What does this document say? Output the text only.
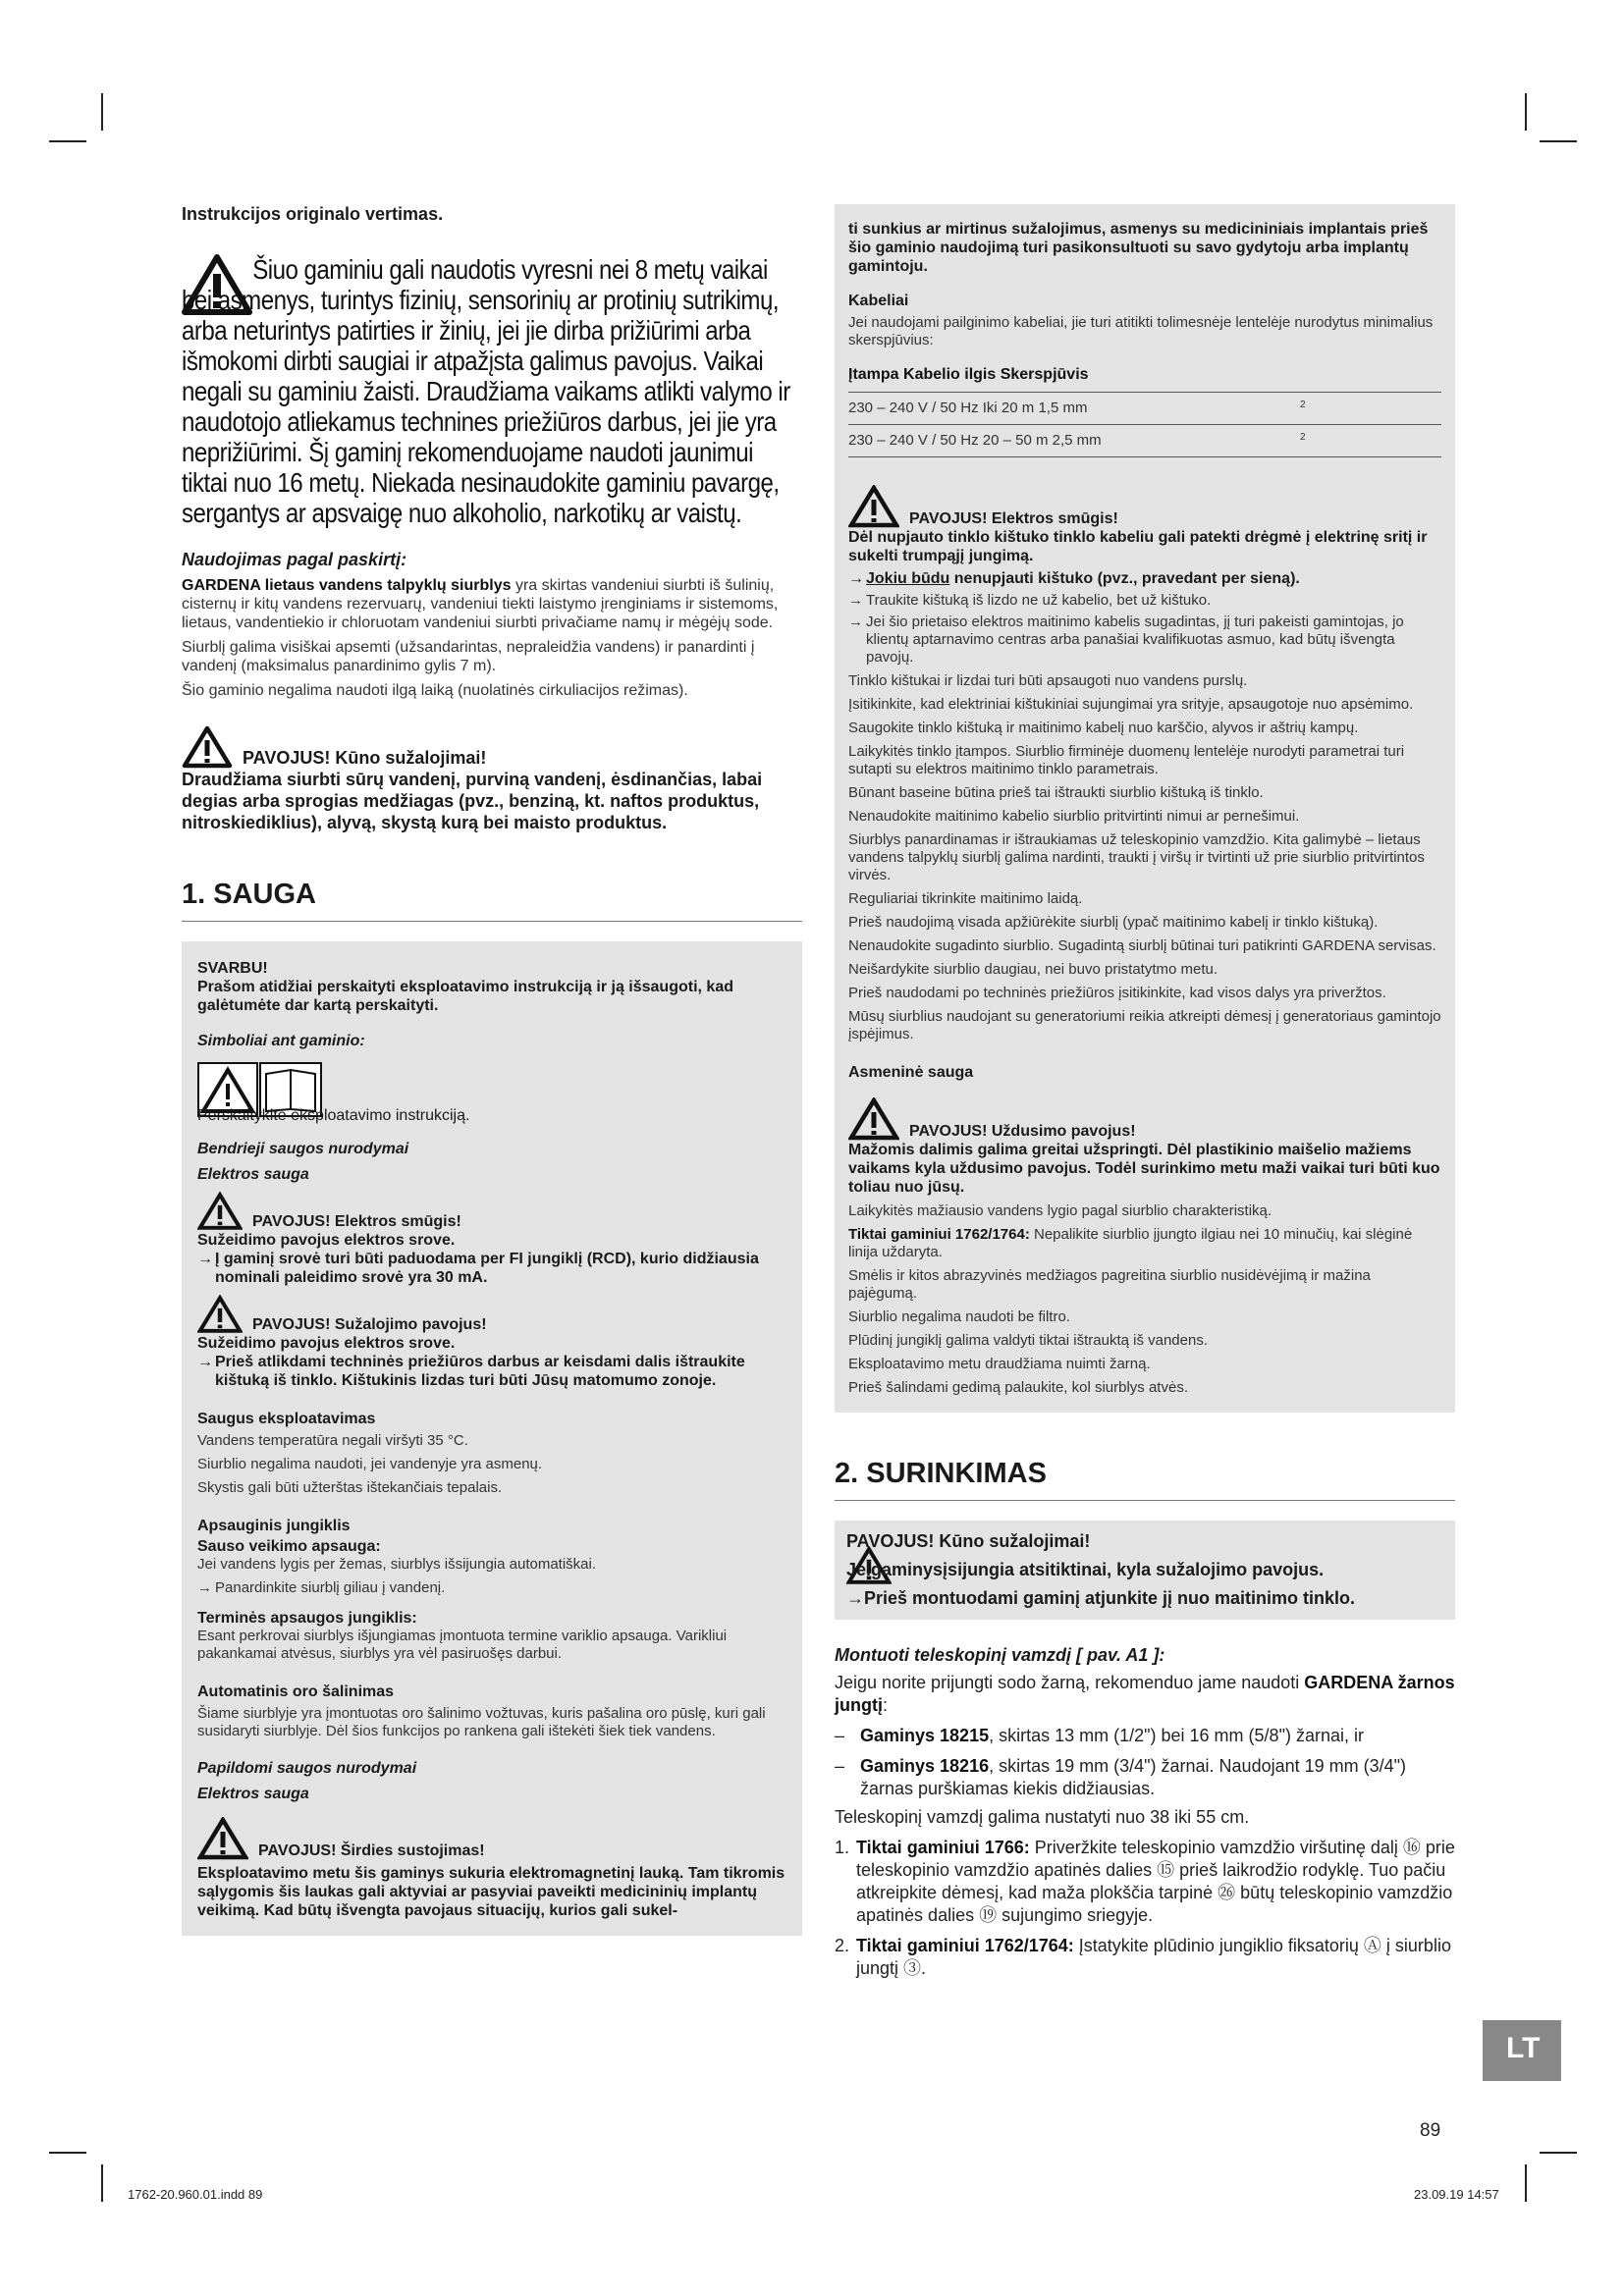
Instrukcijos originalo vertimas.

Šiuo gaminiu gali naudotis vyresni nei 8 metų vaikai bei asmenys, turintys fizinių, sensorinių ar protinių sutrikimų, arba neturintys patirties ir žinių, jei jie dirba prižiūrimi arba išmokomi dirbti saugiai ir atpažįsta galimus pavojus. Vaikai negali su gaminiu žaisti. Draudžiama vaikams atlikti valymo ir naudotojo atliekamus technines priežiūros darbus, jei jie yra neprižiūrimi. Šį gaminį rekomenduojame naudoti jaunimui tiktai nuo 16 metų. Niekada nesinaudokite gaminiu pavargę, sergantys ar apsvaigę nuo alkoholio, narkotikų ar vaistų.

Naudojimas pagal paskirtį:

GARDENA lietaus vandens talpyklų siurblys yra skirtas vandeniui siurbti iš šulinių, cisternų ir kitų vandens rezervuarų, vandeniui tiekti laistymo įrenginiams ir sistemoms, lietaus, vandentiekio ir chloruotam vandeniui siurbti privačiame namų ir mėgėjų sode.

Siurblį galima visiškai apsemti (užsandarintas, nepraleidžia vandens) ir panardinti į vandenį (maksimalus panardinimo gylis 7 m).

Šio gaminio negalima naudoti ilgą laiką (nuolatinės cirkuliacijos režimas).

PAVOJUS! Kūno sužalojimai!

Draudžiama siurbti sūrų vandenį, purviną vandenį, ėsdinančias, labai degias arba sprogias medžiagas (pvz., benziną, kt. naftos produktus, nitroskiediklius), alyvą, skystą kurą bei maisto produktus.

1. SAUGA

SVARBU!

Prašom atidžiai perskaityti eksploatavimo instrukciją ir ją išsaugoti, kad galėtumėte dar kartą perskaityti.

Simboliai ant gaminio:

Perskaitykite eksploatavimo instrukciją.

Bendrieji saugos nurodymai

Elektros sauga

PAVOJUS! Elektros smūgis!

Sužeidimo pavojus elektros srove.

→ Į gaminį srovė turi būti paduodama per FI jungiklį (RCD), kurio didžiausia nominali paleidimo srovė yra 30 mA.
PAVOJUS! Sužalojimo pavojus!

Sužeidimo pavojus elektros srove.

→ Prieš atlikdami techninės priežiūros darbus ar keisdami dalis ištraukite kištuką iš tinklo. Kištukinis lizdas turi būti Jūsų matomumo zonoje.

Saugus eksploatavimas

Vandens temperatūra negali viršyti 35 °C.

Siurblio negalima naudoti, jei vandenyje yra asmenų.

Skystis gali būti užterštas ištekančiais tepalais.

Apsauginis jungiklis

Sauso veikimo apsauga:

Jei vandens lygis per žemas, siurblys išsijungia automatiškai.

→ Panardinkite siurblį giliau į vandenį.

Terminės apsaugos jungiklis:

Esant perkrovai siurblys išjungiamas įmontuota termine variklio apsauga. Varikliui pakankamai atvėsus, siurblys yra vėl pasiruošęs darbui.

Automatinis oro šalinimas

Šiame siurblyje yra įmontuotas oro šalinimo vožtuvas, kuris pašalina oro pūslę, kuri gali susidaryti siurblyje. Dėl šios funkcijos po rankena gali ištekėti šiek tiek vandens.

Papildomi saugos nurodymai

Elektros sauga

PAVOJUS! Širdies sustojimas!

Eksploatavimo metu šis gaminys sukuria elektromagnetinį lauką. Tam tikromis sąlygomis šis laukas gali aktyviai ar pasyviai paveikti medicininių implantų veikimą. Kad būtų išvengta pavojaus situacijų, kurios gali sukel-

ti sunkius ar mirtinus sužalojimus, asmenys su medicininiais implantais prieš šio gaminio naudojimą turi pasikonsultuoti su savo gydytoju arba implantų gamintoju.

Kabeliai

Jei naudojami pailginimo kabeliai, jie turi atitikti tolimesnėje lentelėje nurodytus minimalius skerspjūvius:

Įtampa Kabelio ilgis Skerspjūvis	
230 – 240 V / 50 Hz Iki 20 m 1,5 mm	2
230 – 240 V / 50 Hz 20 – 50 m 2,5 mm	2
PAVOJUS! Elektros smūgis!

Dėl nupjauto tinklo kištuko tinklo kabeliu gali patekti drėgmė į elektrinę sritį ir sukelti trumpąjį jungimą.

→ Jokiu būdu nenupjauti kištuko (pvz., pravedant per sieną).
→ Traukite kištuką iš lizdo ne už kabelio, bet už kištuko.
→ Jei šio prietaiso elektros maitinimo kabelis sugadintas, jį turi pakeisti gamintojas, jo klientų aptarnavimo centras arba panašiai kvalifikuotas asmuo, kad būtų išvengta pavojų.

Tinklo kištukai ir lizdai turi būti apsaugoti nuo vandens purslų.

Įsitikinkite, kad elektriniai kištukiniai sujungimai yra srityje, apsaugotoje nuo apsėmimo.

Saugokite tinklo kištuką ir maitinimo kabelį nuo karščio, alyvos ir aštrių kampų.

Laikykitės tinklo įtampos. Siurblio firminėje duomenų lentelėje nurodyti parametrai turi sutapti su elektros maitinimo tinklo parametrais.

Būnant baseine būtina prieš tai ištraukti siurblio kištuką iš tinklo.

Nenaudokite maitinimo kabelio siurblio pritvirtinti nimui ar pernešimui.

Siurblys panardinamas ir ištraukiamas už teleskopinio vamzdžio. Kita galimybė – lietaus vandens talpyklų siurblį galima nardinti, traukti į viršų ir tvirtinti už prie siurblio pritvirtintos virvės.

Reguliariai tikrinkite maitinimo laidą.

Prieš naudojimą visada apžiūrėkite siurblį (ypač maitinimo kabelį ir tinklo kištuką).

Nenaudokite sugadinto siurblio. Sugadintą siurblį būtinai turi patikrinti GARDENA servisas.

Neišardykite siurblio daugiau, nei buvo pristatytmo metu.

Prieš naudodami po techninės priežiūros įsitikinkite, kad visos dalys yra priveržtos.

Mūsų siurblius naudojant su generatoriumi reikia atkreipti dėmesį į generatoriaus gamintojo įspėjimus.

Asmeninė sauga

PAVOJUS! Uždusimo pavojus!

Mažomis dalimis galima greitai užspringti. Dėl plastikinio maišelio mažiems vaikams kyla uždusimo pavojus. Todėl surinkimo metu maži vaikai turi būti kuo toliau nuo jūsų.

Laikykitės mažiausio vandens lygio pagal siurblio charakteristiką.

Tiktai gaminiui 1762/1764: Nepalikite siurblio įjungto ilgiau nei 10 minučių, kai slėginė linija uždaryta.

Smėlis ir kitos abrazyvinės medžiagos pagreitina siurblio nusidėvėjimą ir mažina pajėgumą.

Siurblio negalima naudoti be filtro.

Plūdinį jungiklį galima valdyti tiktai ištrauktą iš vandens.

Eksploatavimo metu draudžiama nuimti žarną.

Prieš šalindami gedimą palaukite, kol siurblys atvės.

2. SURINKIMAS

PAVOJUS! Kūno sužalojimai!

Jeigaminysįsijungia atsitiktinai, kyla sužalojimo pavojus.

→ Prieš montuodami gaminį atjunkite jį nuo maitinimo tinklo.

Montuoti teleskopinį vamzdį [ pav. A1 ]:

Jeigu norite prijungti sodo žarną, rekomenduo jame naudoti GARDENA žarnos jungtį:

– Gaminys 18215, skirtas 13 mm (1/2") bei 16 mm (5/8") žarnai, ir
– Gaminys 18216, skirtas 19 mm (3/4") žarnai. Naudojant 19 mm (3/4") žarnas purškiamas kiekis didžiausias.

Teleskopinį vamzdį galima nustatyti nuo 38 iki 55 cm.

1. Tiktai gaminiui 1766: Priveržkite teleskopinio vamzdžio viršutinę dalį ⑯ prie teleskopinio vamzdžio apatinės dalies ⑮ prieš laikrodžio rodyklę. Tuo pačiu atkreipkite dėmesį, kad maža plokščia tarpinė ㉖ būtų teleskopinio vamzdžio apatinės dalies ⑲ sujungimo sriegyje.
2. Tiktai gaminiui 1762/1764: Įstatykite plūdinio jungiklio fiksatorių Ⓐ į siurblio jungtį ③.
LT
89
1762-20.960.01.indd 89	23.09.19 14:57
